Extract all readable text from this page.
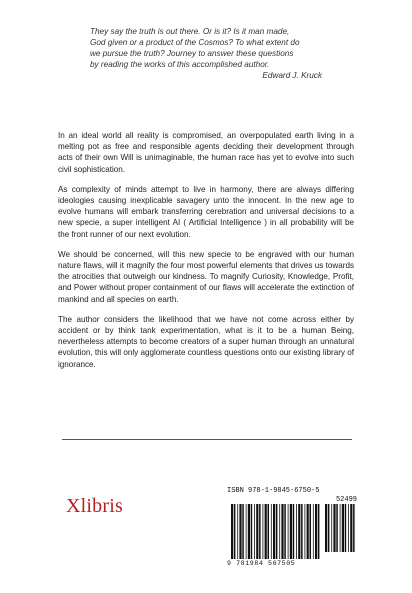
They say the truth is out there. Or is it? Is it man made,
God given or a product of the Cosmos? To what extent do
we pursue the truth? Journey to answer these questions
by reading the works of this accomplished author.
Edward J. Kruck

In an ideal world all reality is compromised, an overpopulated earth living in a melting pot as free and responsible agents deciding their development through acts of their own Will is unimaginable, the human race has yet to evolve into such civil sophistication.

As complexity of minds attempt to live in harmony, there are always differing ideologies causing inexplicable savagery unto the innocent. In the new age to evolve humans will embark transferring cerebration and universal decisions to a new specie, a super intelligent AI ( Artificial Intelligence ) in all probability will be the front runner of our next evolution.

We should be concerned, will this new specie to be engraved with our human nature flaws, will it magnify the four most powerful elements that drives us towards the atrocities that outweigh our kindness. To magnify Curiosity, Knowledge, Profit, and Power without proper containment of our flaws will accelerate the extinction of mankind and all species on earth.

The author considers the likelihood that we have not come across either by accident or by think tank experimentation, what is it to be a human Being, nevertheless attempts to become creators of a super human through an unnatural evolution, this will only agglomerate countless questions onto our existing library of ignorance.

Xlibris
ISBN 978-1-9845-6750-5
52499
9 781984 567505
